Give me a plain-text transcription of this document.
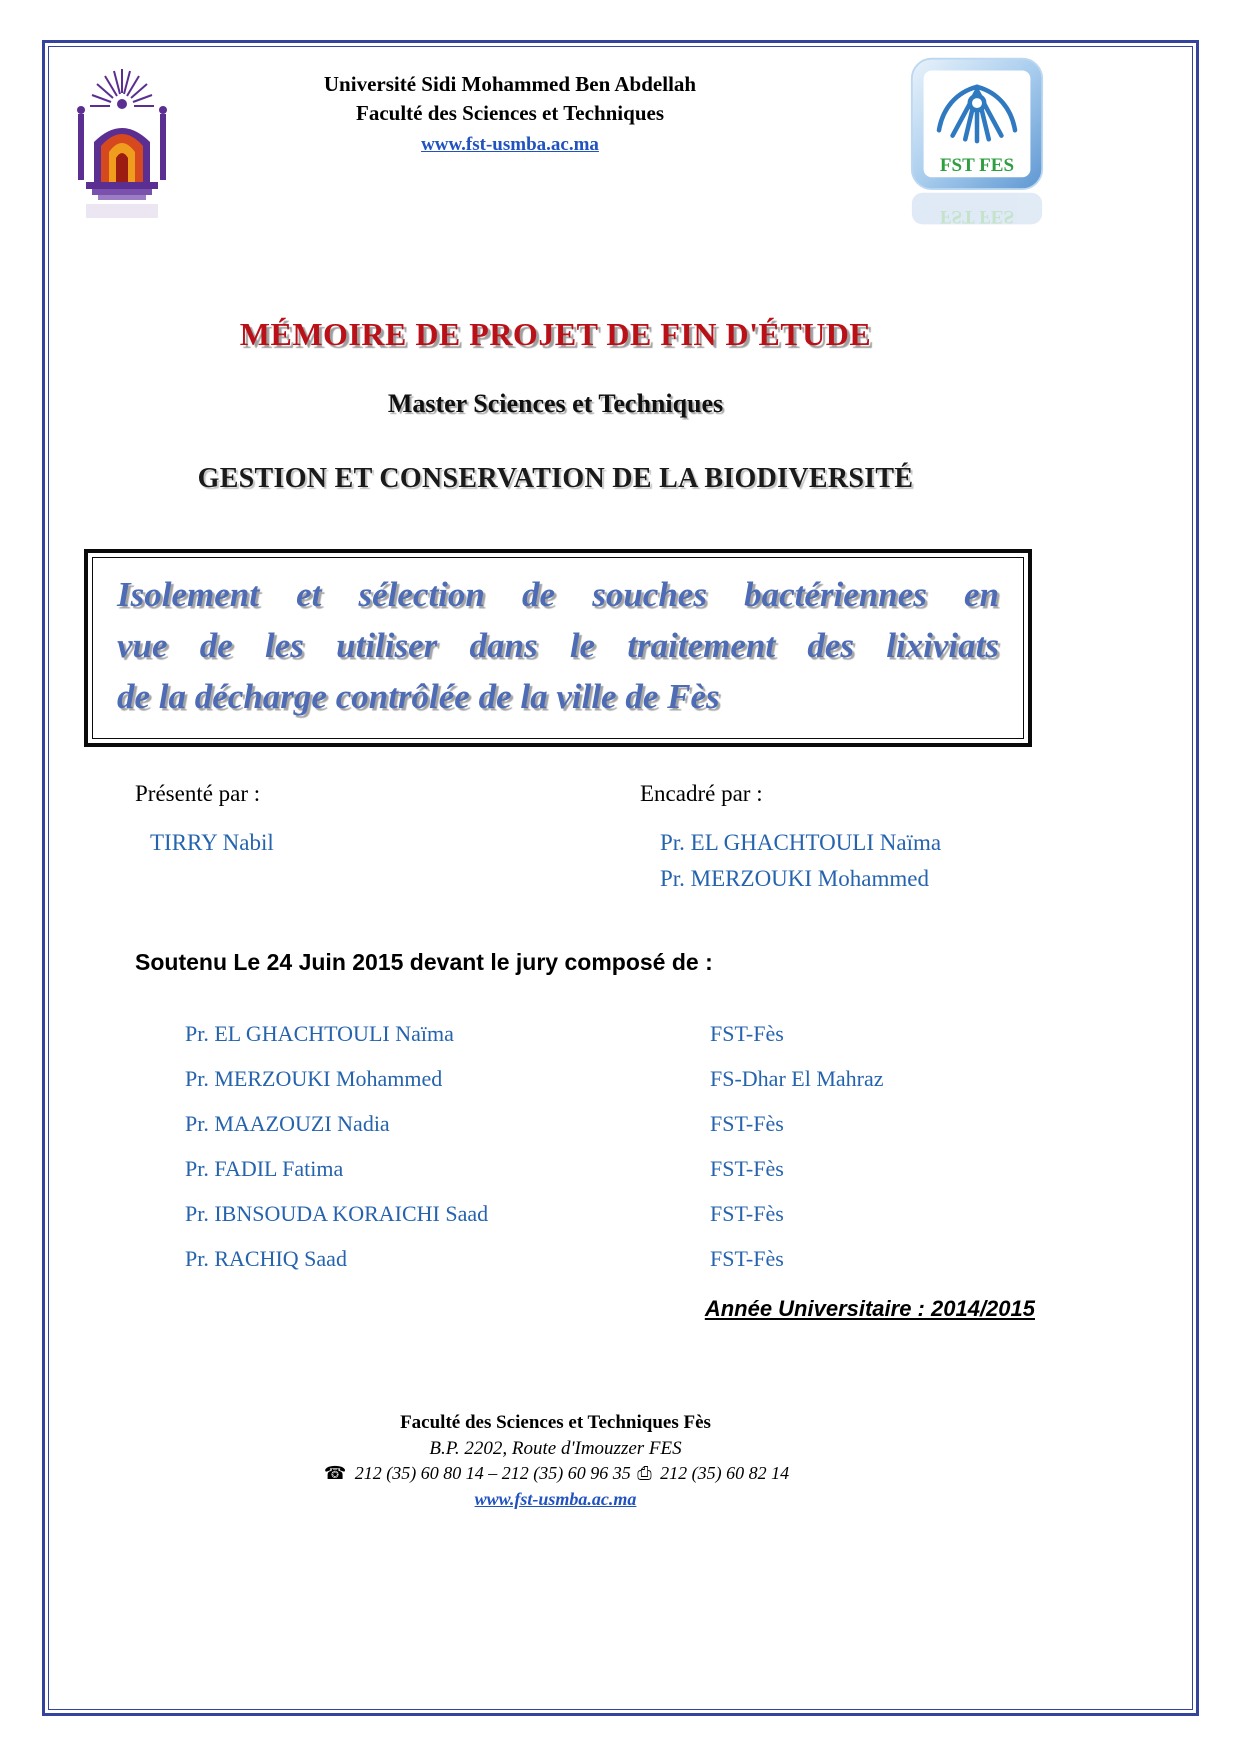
Université Sidi Mohammed Ben Abdellah
Faculté des Sciences et Techniques
www.fst-usmba.ac.ma
FST FES
FST FES
MÉMOIRE DE PROJET DE FIN D'ÉTUDE
Master Sciences et Techniques
GESTION ET CONSERVATION DE LA BIODIVERSITÉ
Isolement et sélection de souches bactériennes en
vue de les utiliser dans le traitement des lixiviats
de la décharge contrôlée de la ville de Fès
Présenté par :
TIRRY Nabil
Encadré par :
Pr. EL GHACHTOULI Naïma
Pr. MERZOUKI Mohammed
Soutenu Le 24 Juin 2015 devant le jury composé de :
Pr. EL GHACHTOULI Naïma	FST-Fès
Pr. MERZOUKI Mohammed	FS-Dhar El Mahraz
Pr. MAAZOUZI Nadia	FST-Fès
Pr. FADIL Fatima	FST-Fès
Pr. IBNSOUDA KORAICHI Saad	FST-Fès
Pr. RACHIQ Saad	FST-Fès
Année Universitaire : 2014/2015
Faculté des Sciences et Techniques Fès
B.P. 2202, Route d'Imouzzer FES
☎ 212 (35) 60 80 14 – 212 (35) 60 96 35 ⎙ 212 (35) 60 82 14
www.fst-usmba.ac.ma
